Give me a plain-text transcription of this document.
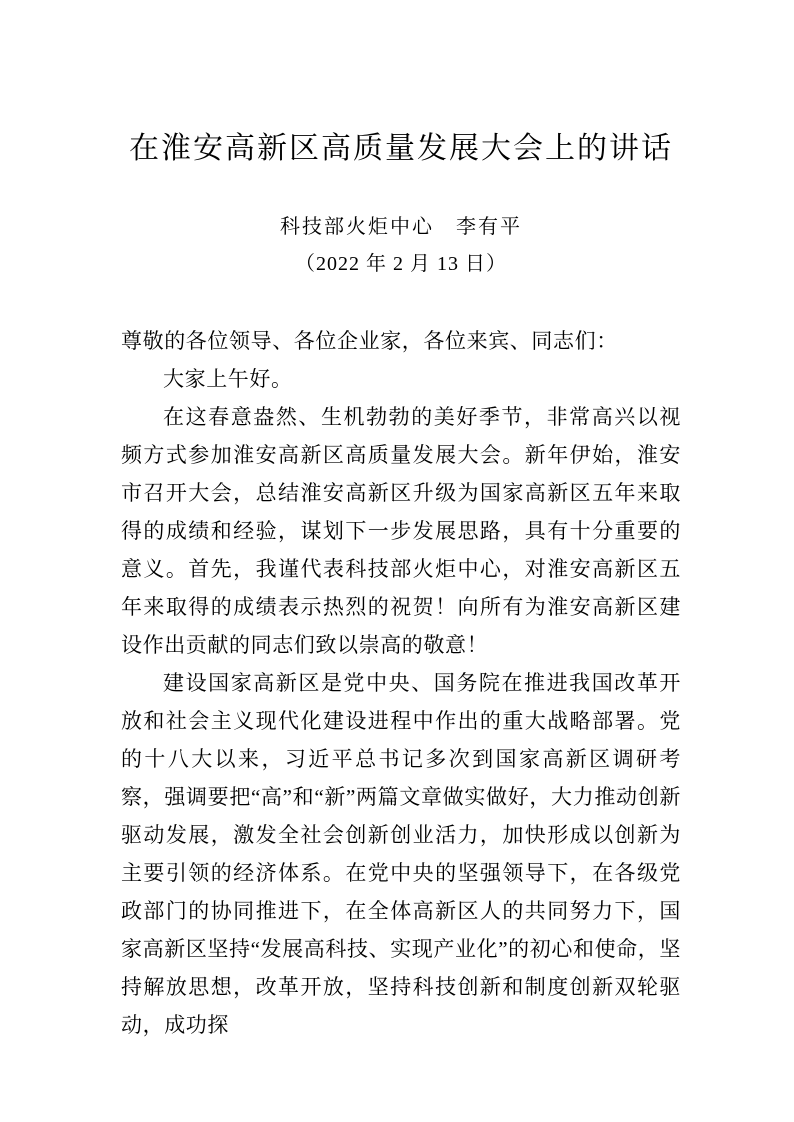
在淮安高新区高质量发展大会上的讲话

科技部火炬中心　李有平

（2022 年 2 月 13 日）

尊敬的各位领导、各位企业家，各位来宾、同志们：

大家上午好。

在这春意盎然、生机勃勃的美好季节，非常高兴以视频方式参加淮安高新区高质量发展大会。新年伊始，淮安市召开大会，总结淮安高新区升级为国家高新区五年来取得的成绩和经验，谋划下一步发展思路，具有十分重要的意义。首先，我谨代表科技部火炬中心，对淮安高新区五年来取得的成绩表示热烈的祝贺！向所有为淮安高新区建设作出贡献的同志们致以崇高的敬意！

建设国家高新区是党中央、国务院在推进我国改革开放和社会主义现代化建设进程中作出的重大战略部署。党的十八大以来，习近平总书记多次到国家高新区调研考察，强调要把“高”和“新”两篇文章做实做好，大力推动创新驱动发展，激发全社会创新创业活力，加快形成以创新为主要引领的经济体系。在党中央的坚强领导下，在各级党政部门的协同推进下，在全体高新区人的共同努力下，国家高新区坚持“发展高科技、实现产业化”的初心和使命，坚持解放思想，改革开放，坚持科技创新和制度创新双轮驱动，成功探
